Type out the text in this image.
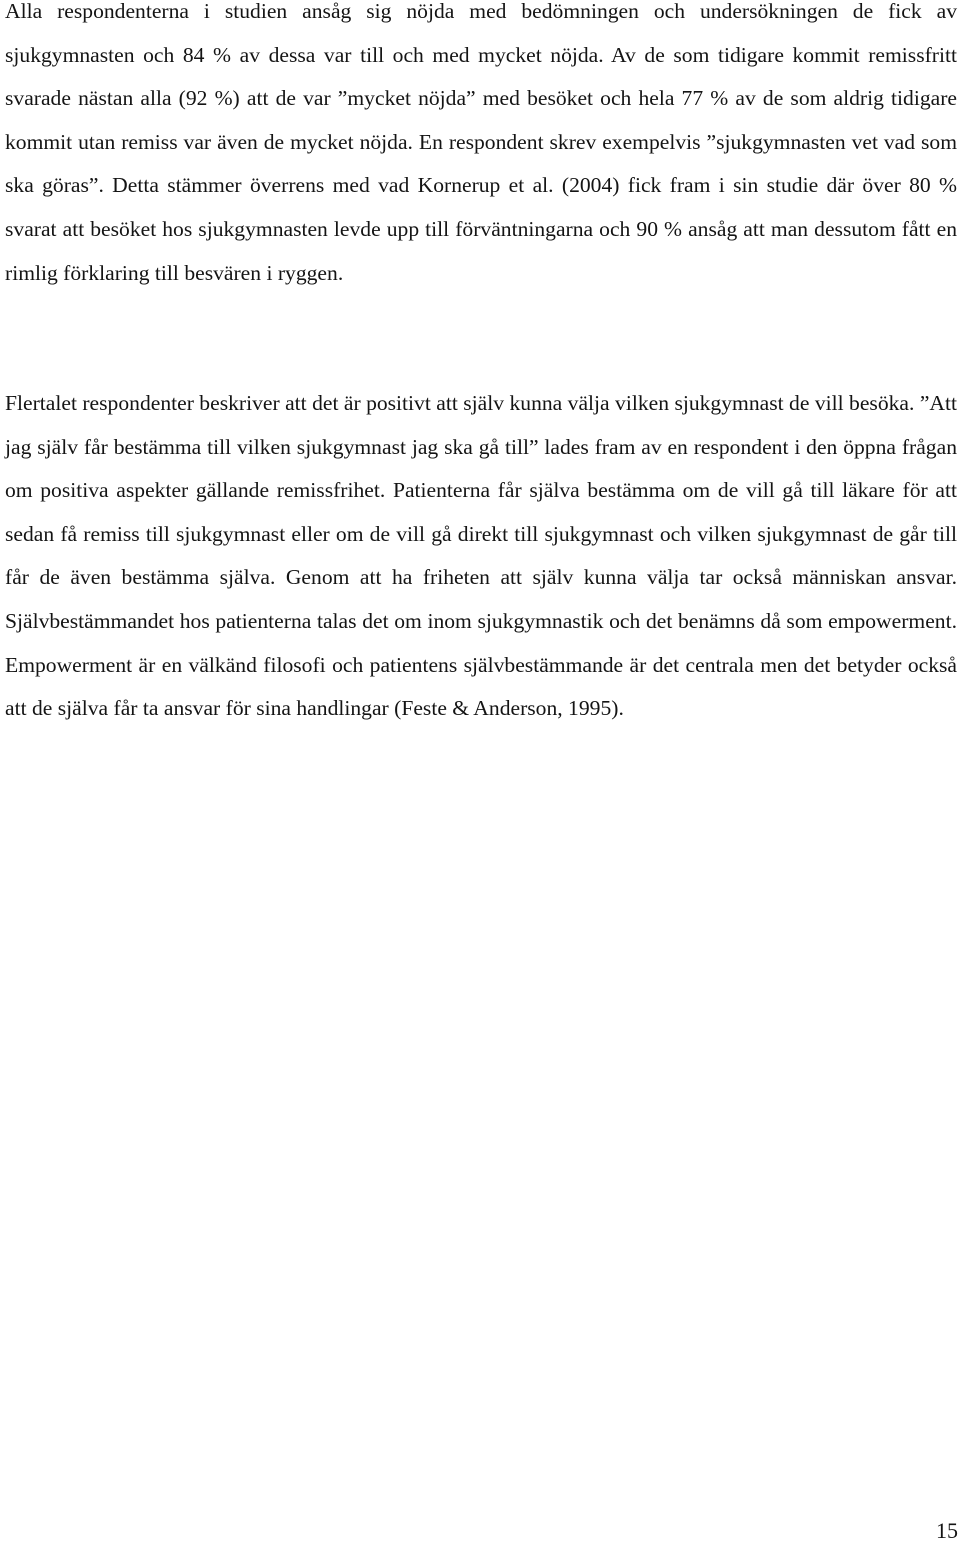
Alla respondenterna i studien ansåg sig nöjda med bedömningen och undersökningen de fick av sjukgymnasten och 84 % av dessa var till och med mycket nöjda. Av de som tidigare kommit remissfritt svarade nästan alla (92 %) att de var ”mycket nöjda” med besöket och hela 77 % av de som aldrig tidigare kommit utan remiss var även de mycket nöjda. En respondent skrev exempelvis ”sjukgymnasten vet vad som ska göras”. Detta stämmer överrens med vad Kornerup et al. (2004) fick fram i sin studie där över 80 % svarat att besöket hos sjukgymnasten levde upp till förväntningarna och 90 % ansåg att man dessutom fått en rimlig förklaring till besvären i ryggen.

Flertalet respondenter beskriver att det är positivt att själv kunna välja vilken sjukgymnast de vill besöka. ”Att jag själv får bestämma till vilken sjukgymnast jag ska gå till” lades fram av en respondent i den öppna frågan om positiva aspekter gällande remissfrihet. Patienterna får själva bestämma om de vill gå till läkare för att sedan få remiss till sjukgymnast eller om de vill gå direkt till sjukgymnast och vilken sjukgymnast de går till får de även bestämma själva. Genom att ha friheten att själv kunna välja tar också människan ansvar. Självbestämmandet hos patienterna talas det om inom sjukgymnastik och det benämns då som empowerment. Empowerment är en välkänd filosofi och patientens självbestämmande är det centrala men det betyder också att de själva får ta ansvar för sina handlingar (Feste & Anderson, 1995).

15
